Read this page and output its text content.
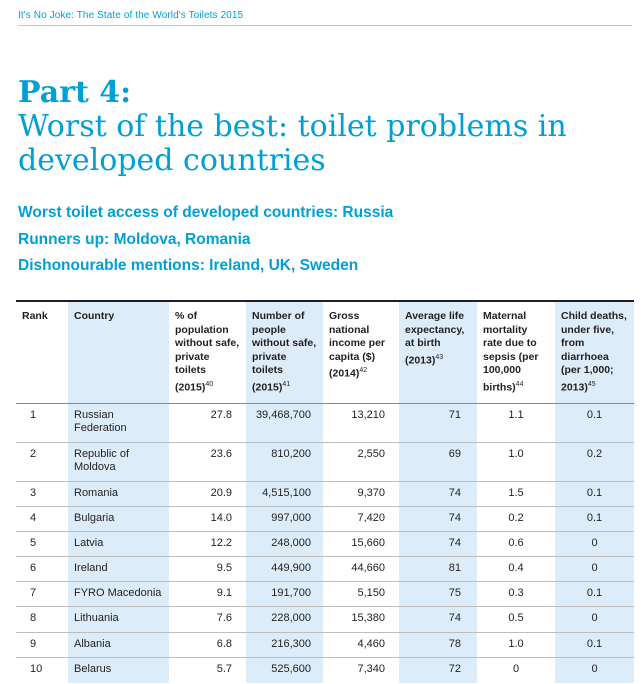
It's No Joke: The State of the World's Toilets 2015
Part 4:
Worst of the best: toilet problems in developed countries
Worst toilet access of developed countries: Russia
Runners up: Moldova, Romania
Dishonourable mentions: Ireland, UK, Sweden
Rank	Country	% of population without safe, private toilets $(2015)^{40}$	Number of people without safe, private toilets $(2015)^{41}$	Gross national income per capita ($) $(2014)^{42}$	Average life expectancy, at birth $(2013)^{43}$	Maternal mortality rate due to sepsis (per 100,000 births)$^{44}$	Child deaths, under five, from diarrhoea (per 1,000; 2013)$^{45}$
1	Russian Federation	27.8	39,468,700	13,210	71	1.1	0.1
2	Republic of Moldova	23.6	810,200	2,550	69	1.0	0.2
3	Romania	20.9	4,515,100	9,370	74	1.5	0.1
4	Bulgaria	14.0	997,000	7,420	74	0.2	0.1
5	Latvia	12.2	248,000	15,660	74	0.6	0
6	Ireland	9.5	449,900	44,660	81	0.4	0
7	FYRO Macedonia	9.1	191,700	5,150	75	0.3	0.1
8	Lithuania	7.6	228,000	15,380	74	0.5	0
9	Albania	6.8	216,300	4,460	78	1.0	0.1
10	Belarus	5.7	525,600	7,340	72	0	0
